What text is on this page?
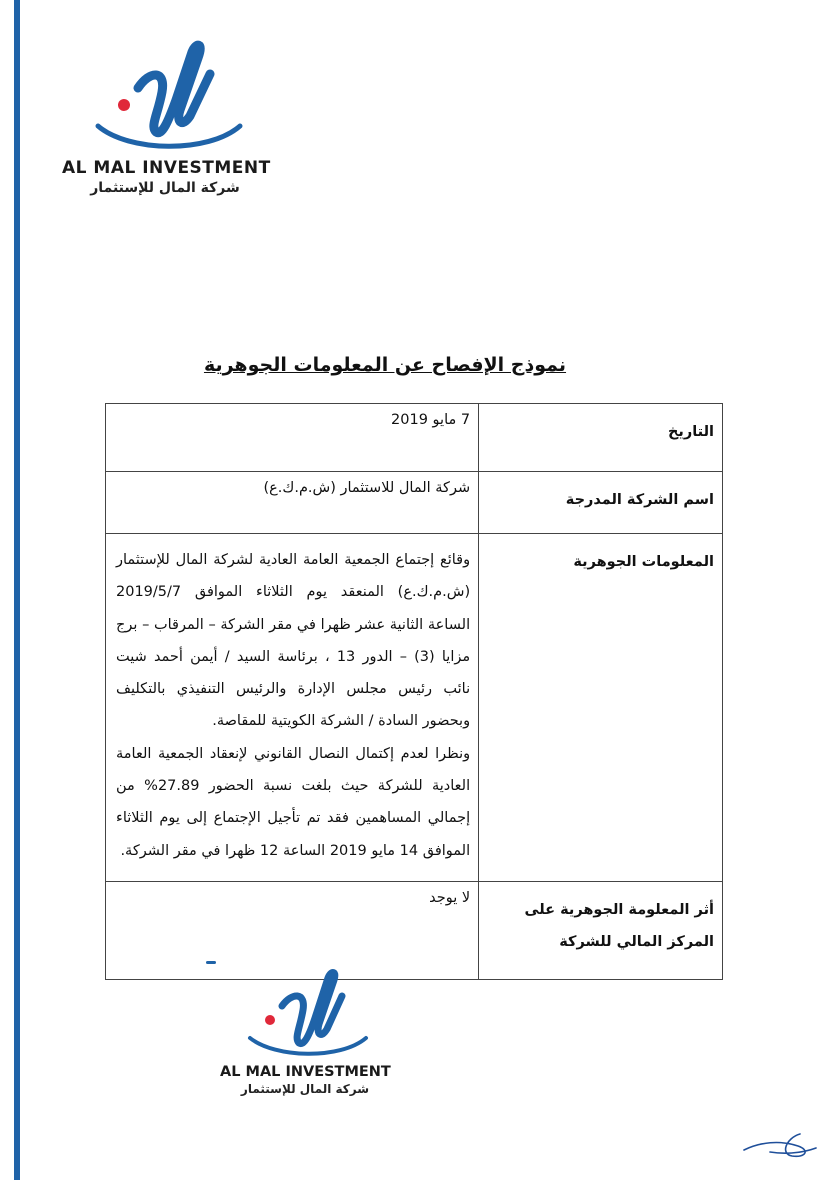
AL MAL INVESTMENT
شركة المال للإستثمار
نموذج الإفصاح عن المعلومات الجوهرية
التاريخ	7 مايو 2019

اسم الشركة المدرجة	شركة المال للاستثمار (ش.م.ك.ع)

المعلومات الجوهرية	وقائع إجتماع الجمعية العامة العادية لشركة المال للإستثمار (ش.م.ك.ع) المنعقد يوم الثلاثاء الموافق 2019/5/7 الساعة الثانية عشر ظهرا في مقر الشركة – المرقاب – برج مزايا (3) – الدور 13 ، برئاسة السيد / أيمن أحمد شيت نائب رئيس مجلس الإدارة والرئيس التنفيذي بالتكليف وبحضور السادة / الشركة الكويتية للمقاصة.
ونظرا لعدم إكتمال النصال القانوني لإنعقاد الجمعية العامة العادية للشركة حيث بلغت نسبة الحضور 27.89% من إجمالي المساهمين فقد تم تأجيل الإجتماع إلى يوم الثلاثاء الموافق 14 مايو 2019 الساعة 12 ظهرا في مقر الشركة.

أثر المعلومة الجوهرية على المركز المالي للشركة	لا يوجد
AL MAL INVESTMENT
شركة المال للإستثمار
